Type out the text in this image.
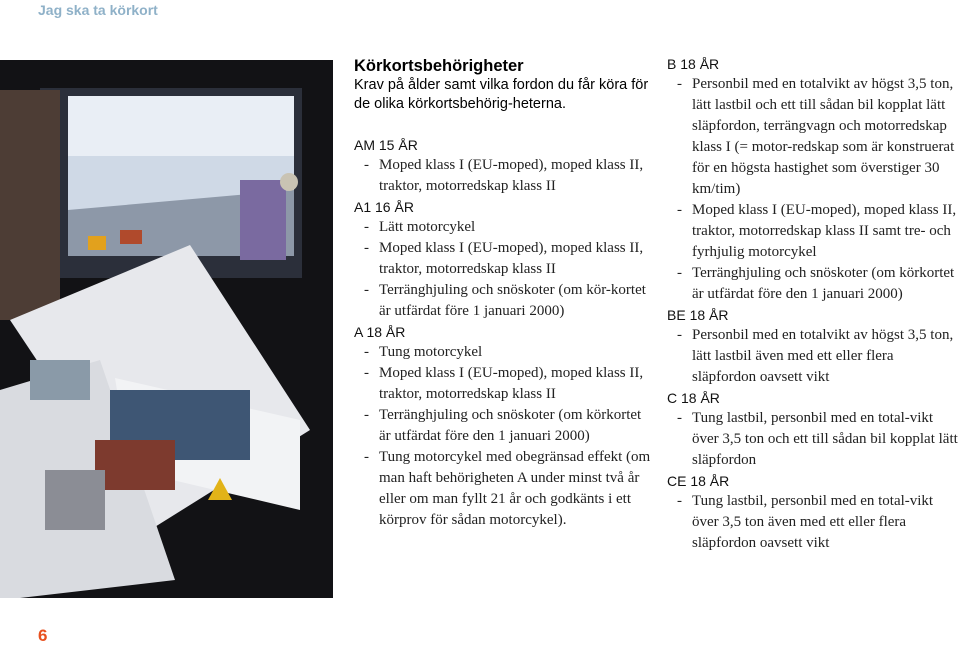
Jag ska ta körkort
Körkortsbehörigheter

Krav på ålder samt vilka fordon du får köra för de olika körkortsbehörig-heterna.

AM 15 ÅR

- Moped klass I (EU-moped), moped klass II, traktor, motorredskap klass II

A1 16 ÅR

- Lätt motorcykel
- Moped klass I (EU-moped), moped klass II, traktor, motorredskap klass II
- Terränghjuling och snöskoter (om kör-kortet är utfärdat före 1 januari 2000)

A 18 ÅR

- Tung motorcykel
- Moped klass I (EU-moped), moped klass II, traktor, motorredskap klass II
- Terränghjuling och snöskoter (om körkortet är utfärdat före den 1 januari 2000)
- Tung motorcykel med obegränsad effekt (om man haft behörigheten A under minst två år eller om man fyllt 21 år och godkänts i ett körprov för sådan motorcykel).

B 18 ÅR

- Personbil med en totalvikt av högst 3,5 ton, lätt lastbil och ett till sådan bil kopplat lätt släpfordon, terrängvagn och motorredskap klass I (= motor-redskap som är konstruerat för en högsta hastighet som överstiger 30 km/tim)
- Moped klass I (EU-moped), moped klass II, traktor, motorredskap klass II samt tre- och fyrhjulig motorcykel
- Terränghjuling och snöskoter (om körkortet är utfärdat före den 1 januari 2000)

BE 18 ÅR

- Personbil med en totalvikt av högst 3,5 ton, lätt lastbil även med ett eller flera släpfordon oavsett vikt

C 18 ÅR

- Tung lastbil, personbil med en total-vikt över 3,5 ton och ett till sådan bil kopplat lätt släpfordon

CE 18 ÅR

- Tung lastbil, personbil med en total-vikt över 3,5 ton även med ett eller flera släpfordon oavsett vikt
6
